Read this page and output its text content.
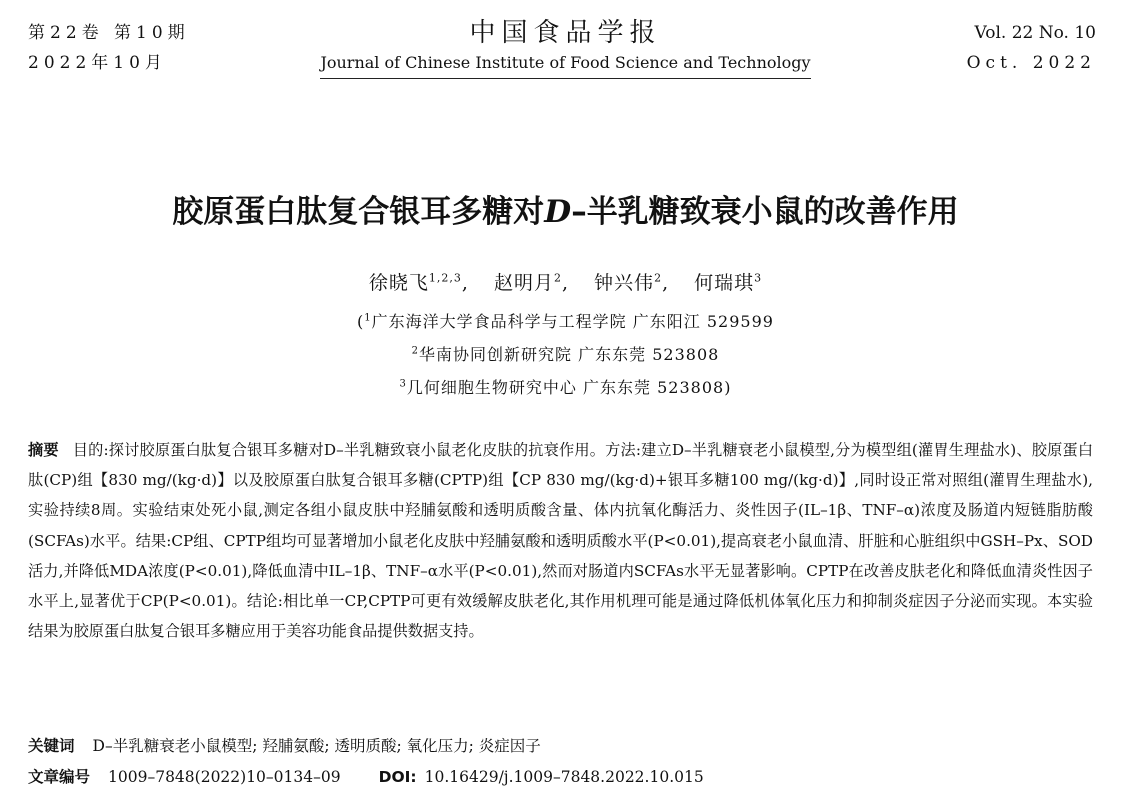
第22卷 第10期
2022年10月
中国食品学报
Journal of Chinese Institute of Food Science and Technology
Vol. 22 No. 10
Oct. 2022
胶原蛋白肽复合银耳多糖对D–半乳糖致衰小鼠的改善作用
徐晓飞$^{1,2,3}$, 赵明月$^2$, 钟兴伟$^2$, 何瑞琪$^3$
($^1$广东海洋大学食品科学与工程学院 广东阳江 529599
$^2$华南协同创新研究院 广东东莞 523808
$^3$几何细胞生物研究中心 广东东莞 523808)
摘要 目的:探讨胶原蛋白肽复合银耳多糖对D–半乳糖致衰小鼠老化皮肤的抗衰作用。方法:建立D–半乳糖衰老小鼠模型,分为模型组(灌胃生理盐水)、胶原蛋白肽(CP)组【830 mg/(kg·d)】以及胶原蛋白肽复合银耳多糖(CPTP)组【CP 830 mg/(kg·d)+银耳多糖100 mg/(kg·d)】,同时设正常对照组(灌胃生理盐水),实验持续8周。实验结束处死小鼠,测定各组小鼠皮肤中羟脯氨酸和透明质酸含量、体内抗氧化酶活力、炎性因子(IL–1β、TNF–α)浓度及肠道内短链脂肪酸(SCFAs)水平。结果:CP组、CPTP组均可显著增加小鼠老化皮肤中羟脯氨酸和透明质酸水平(P<0.01),提高衰老小鼠血清、肝脏和心脏组织中GSH–Px、SOD活力,并降低MDA浓度(P<0.01),降低血清中IL–1β、TNF–α水平(P<0.01),然而对肠道内SCFAs水平无显著影响。CPTP在改善皮肤老化和降低血清炎性因子水平上,显著优于CP(P<0.01)。结论:相比单一CP,CPTP可更有效缓解皮肤老化,其作用机理可能是通过降低机体氧化压力和抑制炎症因子分泌而实现。本实验结果为胶原蛋白肽复合银耳多糖应用于美容功能食品提供数据支持。
关键词 D–半乳糖衰老小鼠模型; 羟脯氨酸; 透明质酸; 氧化压力; 炎症因子
文章编号 1009–7848(2022)10–0134–09 DOI: 10.16429/j.1009–7848.2022.10.015
